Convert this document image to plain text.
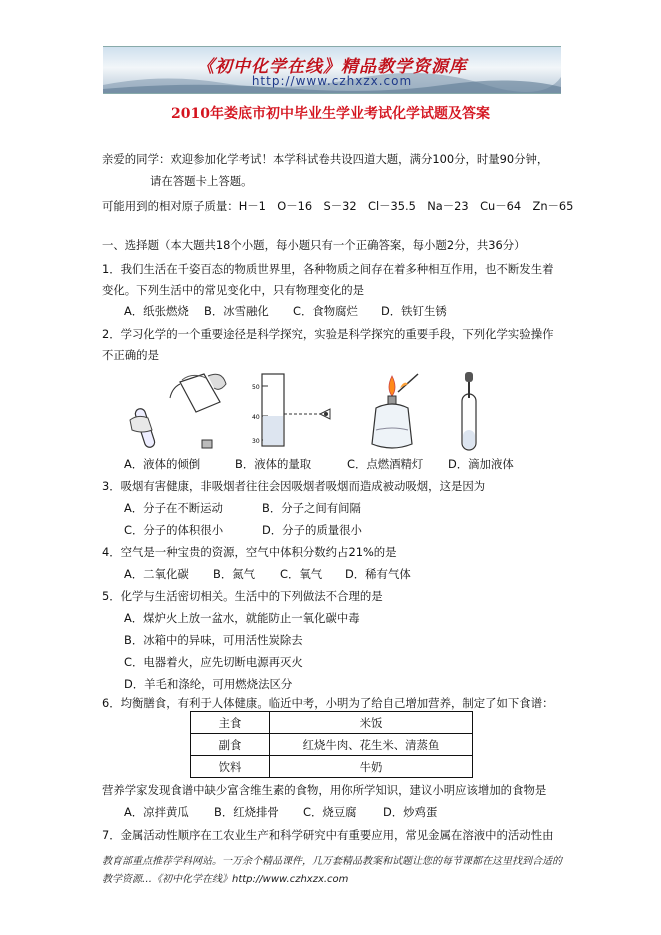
《初中化学在线》精品教学资源库
http://www.czhxzx.com
2010年娄底市初中毕业生学业考试化学试题及答案
亲爱的同学：欢迎参加化学考试！本学科试卷共设四道大题，满分100分，时量90分钟，
请在答题卡上答题。
可能用到的相对原子质量：H－1　O－16　S－32　Cl－35.5　Na－23　Cu－64　Zn－65
一、选择题（本大题共18个小题，每小题只有一个正确答案，每小题2分，共36分）
1．我们生活在千姿百态的物质世界里，各种物质之间存在着多种相互作用，也不断发生着
变化。下列生活中的常见变化中，只有物理变化的是
A．纸张燃烧 B．冰雪融化 C．食物腐烂 D．铁钉生锈
2．学习化学的一个重要途径是科学探究，实验是科学探究的重要手段，下列化学实验操作
不正确的是
50
40
30
A．液体的倾倒	B．液体的量取	C．点燃酒精灯 D．滴加液体
3．吸烟有害健康，非吸烟者往往会因吸烟者吸烟而造成被动吸烟，这是因为
A．分子在不断运动	B．分子之间有间隔
C．分子的体积很小	D．分子的质量很小
4．空气是一种宝贵的资源，空气中体积分数约占21%的是
A．二氧化碳 B．氮气 C．氧气 D．稀有气体
5．化学与生活密切相关。生活中的下列做法不合理的是
A．煤炉火上放一盆水，就能防止一氧化碳中毒
B．冰箱中的异味，可用活性炭除去
C．电器着火，应先切断电源再灭火
D．羊毛和涤纶，可用燃烧法区分
6．均衡膳食，有利于人体健康。临近中考，小明为了给自己增加营养，制定了如下食谱：
主食	米饭
副食	红烧牛肉、花生米、清蒸鱼
饮料	牛奶
营养学家发现食谱中缺少富含维生素的食物，用你所学知识，建议小明应该增加的食物是
A．凉拌黄瓜 B．红烧排骨 C．烧豆腐 D．炒鸡蛋
7．金属活动性顺序在工农业生产和科学研究中有重要应用，常见金属在溶液中的活动性由
教育部重点推荐学科网站。一万余个精品课件，几万套精品教案和试题让您的每节课都在这里找到合适的
教学资源…《初中化学在线》http://www.czhxzx.com
